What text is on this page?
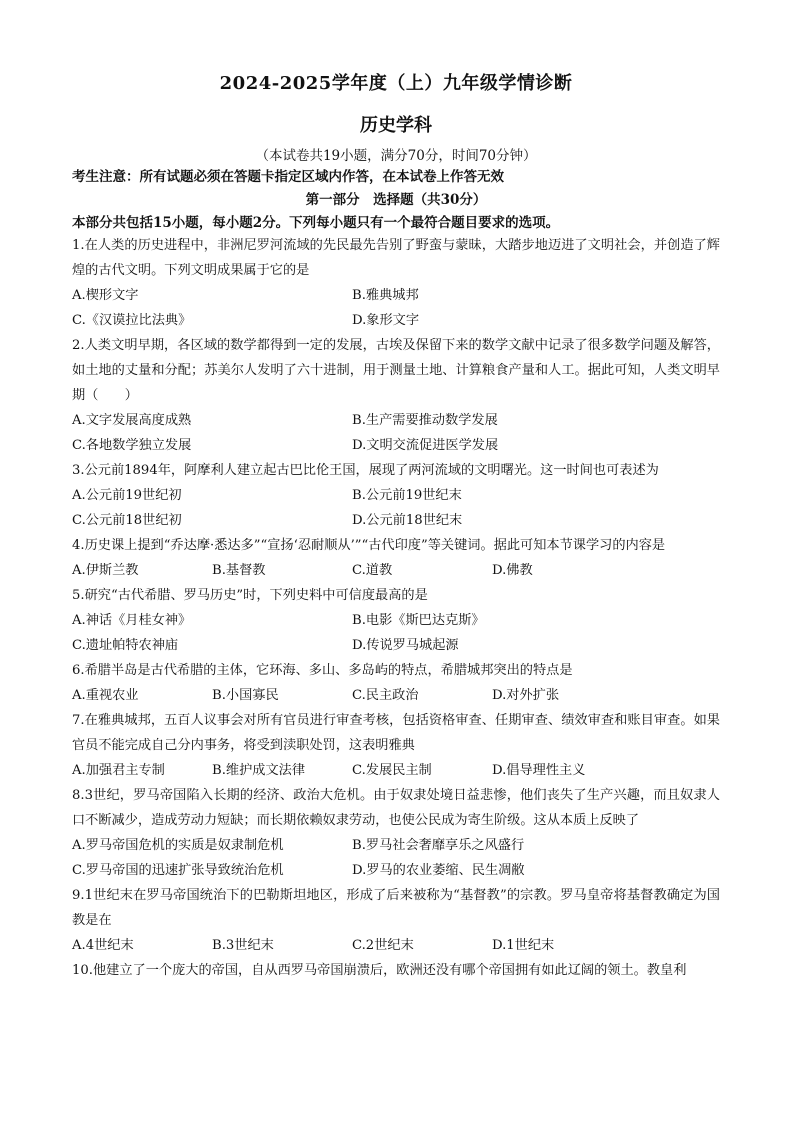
2024-2025学年度（上）九年级学情诊断
历史学科
（本试卷共19小题，满分70分，时间70分钟）
考生注意：所有试题必须在答题卡指定区域内作答，在本试卷上作答无效
第一部分　选择题（共30分）
本部分共包括15小题，每小题2分。下列每小题只有一个最符合题目要求的选项。
1.在人类的历史进程中，非洲尼罗河流域的先民最先告别了野蛮与蒙昧，大踏步地迈进了文明社会，并创造了辉煌的古代文明。下列文明成果属于它的是
A.楔形文字	B.雅典城邦
C.《汉谟拉比法典》	D.象形文字
2.人类文明早期，各区域的数学都得到一定的发展，古埃及保留下来的数学文献中记录了很多数学问题及解答，如土地的丈量和分配；苏美尔人发明了六十进制，用于测量土地、计算粮食产量和人工。据此可知，人类文明早期（　　）
A.文字发展高度成熟	B.生产需要推动数学发展
C.各地数学独立发展	D.文明交流促进医学发展
3.公元前1894年，阿摩利人建立起古巴比伦王国，展现了两河流域的文明曙光。这一时间也可表述为
A.公元前19世纪初	B.公元前19世纪末
C.公元前18世纪初	D.公元前18世纪末
4.历史课上提到“乔达摩·悉达多”“宣扬‘忍耐顺从’”“古代印度”等关键词。据此可知本节课学习的内容是
A.伊斯兰教	B.基督教	C.道教	D.佛教
5.研究“古代希腊、罗马历史”时，下列史料中可信度最高的是
A.神话《月桂女神》	B.电影《斯巴达克斯》
C.遗址帕特农神庙	D.传说罗马城起源
6.希腊半岛是古代希腊的主体，它环海、多山、多岛屿的特点，希腊城邦突出的特点是
A.重视农业	B.小国寡民	C.民主政治	D.对外扩张
7.在雅典城邦，五百人议事会对所有官员进行审查考核，包括资格审查、任期审查、绩效审查和账目审查。如果官员不能完成自己分内事务，将受到渎职处罚，这表明雅典
A.加强君主专制	B.维护成文法律	C.发展民主制	D.倡导理性主义
8.3世纪，罗马帝国陷入长期的经济、政治大危机。由于奴隶处境日益悲惨，他们丧失了生产兴趣，而且奴隶人口不断减少，造成劳动力短缺；而长期依赖奴隶劳动，也使公民成为寄生阶级。这从本质上反映了
A.罗马帝国危机的实质是奴隶制危机	B.罗马社会奢靡享乐之风盛行
C.罗马帝国的迅速扩张导致统治危机	D.罗马的农业萎缩、民生凋敝
9.1世纪末在罗马帝国统治下的巴勒斯坦地区，形成了后来被称为“基督教”的宗教。罗马皇帝将基督教确定为国教是在
A.4世纪末	B.3世纪末	C.2世纪末	D.1世纪末
10.他建立了一个庞大的帝国，自从西罗马帝国崩溃后，欧洲还没有哪个帝国拥有如此辽阔的领土。教皇利
